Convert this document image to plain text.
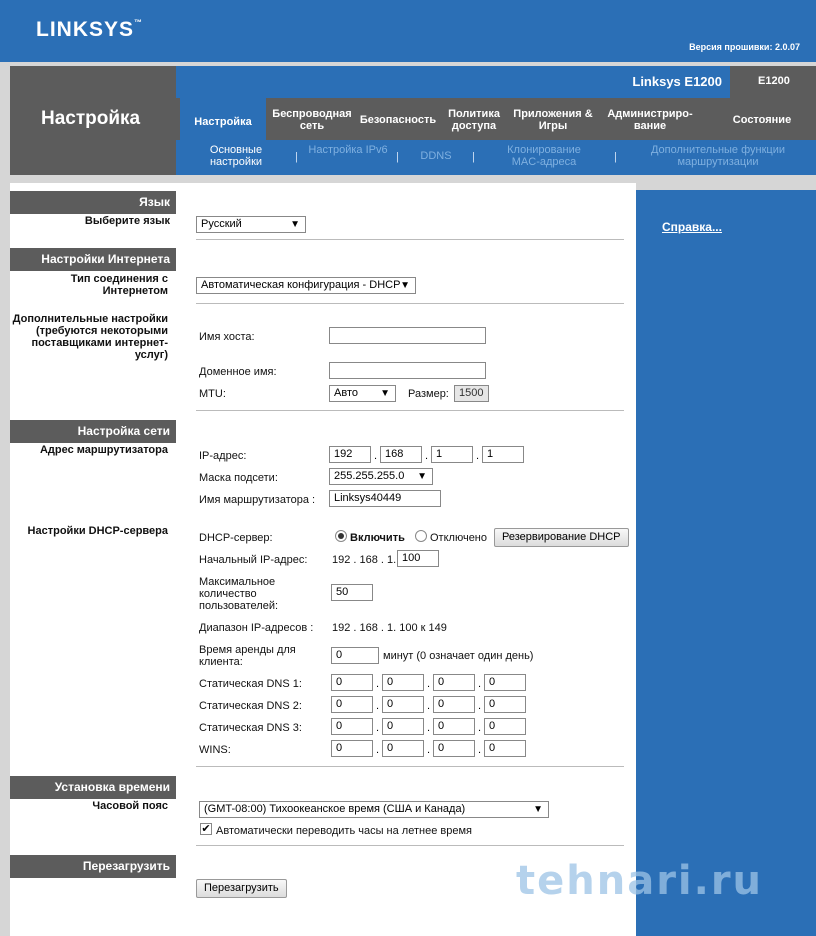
LINKSYS™
Версия прошивки: 2.0.07
Настройка
Linksys E1200	E1200
Настройка
Беспроводная сеть	Безопасность	Политика доступа
Приложения & Игры
Администриро-вание	Состояние
Основные настройки	|
Настройка IPv6
|	DDNS	|
Клонирование MAC-адреса	|
Дополнительные функции маршрутизации
Справка...
Язык
Выберите язык	Русский	▼
Настройки Интернета
Тип соединения с Интернетом	Автоматическая конфигурация - DHCP ▼
Дополнительные настройки (требуются некоторыми поставщиками интернет-услуг)
Имя хоста:
Доменное имя:
MTU:	Авто ▼ Размер: 1500
Настройка сети
Адрес маршрутизатора	IP-адрес:	192	. 168	. 1	. 1
Маска подсети:	255.255.255.0 ▼
Имя маршрутизатора :	Linksys40449
Настройки DHCP-сервера
DHCP-сервер:	Включить Отключено	Резервирование DHCP
Начальный IP-адрес: 192 . 168 . 1. 100
Максимальное количество пользователей:
50
Диапазон IP-адресов : 192 . 168 . 1. 100 к 149
Время аренды для клиента:
0	минут (0 означает один день)
Статическая DNS 1:	0	. 0	. 0	. 0
Статическая DNS 2:	0	. 0	. 0	. 0
Статическая DNS 3:	0	. 0	. 0	. 0
WINS:	0	. 0	. 0	. 0
Установка времени
Часовой пояс	(GMT-08:00) Тихоокеанское время (США и Канада)	▼
✔ Автоматически переводить часы на летнее время
Перезагрузить
Перезагрузить	tehnari.ru
